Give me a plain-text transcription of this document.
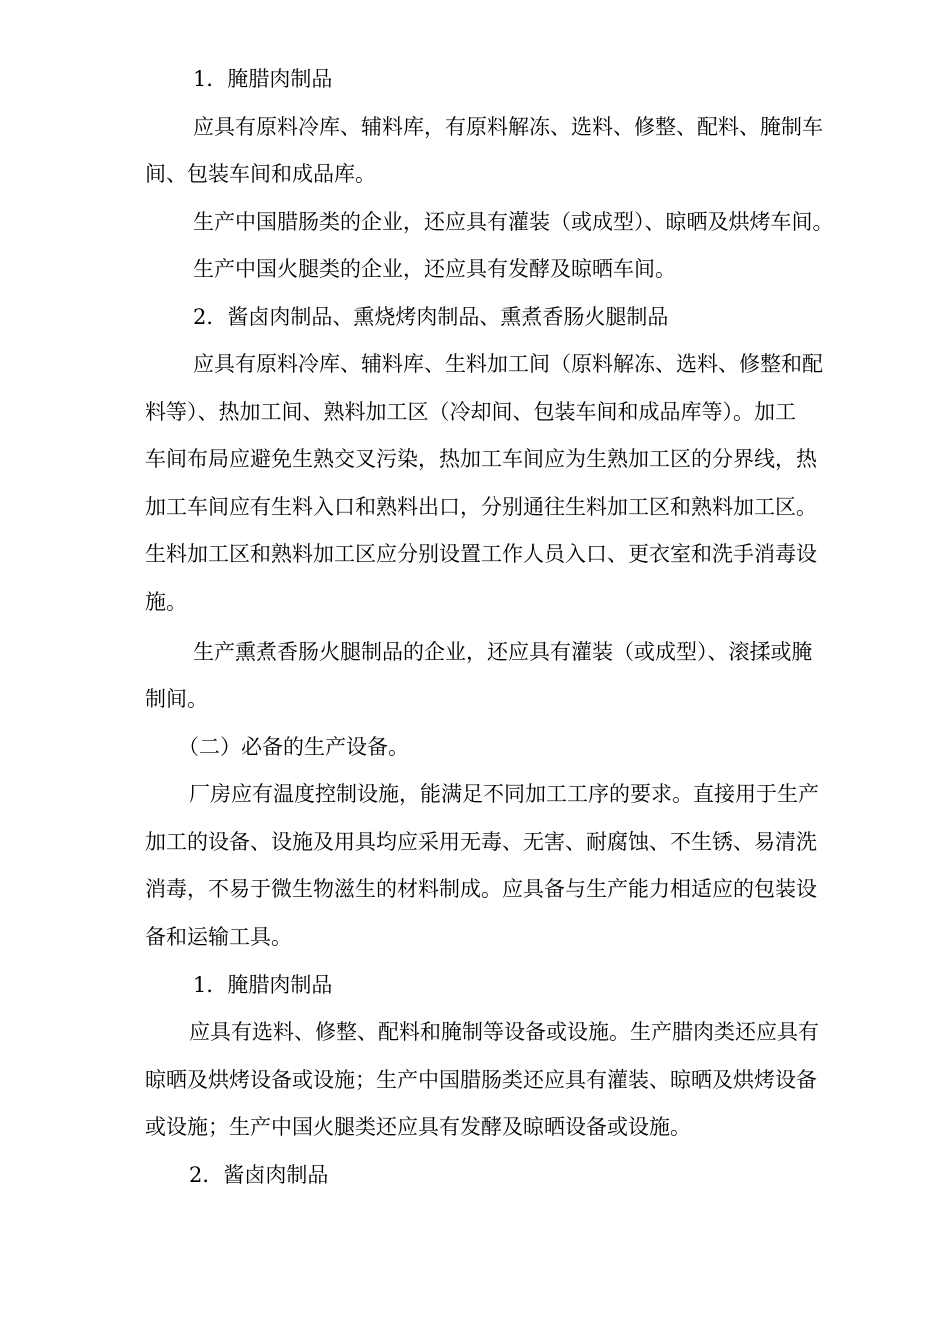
1．腌腊肉制品

应具有原料冷库、辅料库，有原料解冻、选料、修整、配料、腌制车

间、包装车间和成品库。

生产中国腊肠类的企业，还应具有灌装（或成型）、晾晒及烘烤车间。

生产中国火腿类的企业，还应具有发酵及晾晒车间。

2．酱卤肉制品、熏烧烤肉制品、熏煮香肠火腿制品

应具有原料冷库、辅料库、生料加工间（原料解冻、选料、修整和配

料等）、热加工间、熟料加工区（冷却间、包装车间和成品库等）。加工

车间布局应避免生熟交叉污染，热加工车间应为生熟加工区的分界线，热

加工车间应有生料入口和熟料出口，分别通往生料加工区和熟料加工区。

生料加工区和熟料加工区应分别设置工作人员入口、更衣室和洗手消毒设

施。

生产熏煮香肠火腿制品的企业，还应具有灌装（或成型）、滚揉或腌

制间。

（二）必备的生产设备。

厂房应有温度控制设施，能满足不同加工工序的要求。直接用于生产

加工的设备、设施及用具均应采用无毒、无害、耐腐蚀、不生锈、易清洗

消毒，不易于微生物滋生的材料制成。应具备与生产能力相适应的包装设

备和运输工具。

1．腌腊肉制品

应具有选料、修整、配料和腌制等设备或设施。生产腊肉类还应具有

晾晒及烘烤设备或设施；生产中国腊肠类还应具有灌装、晾晒及烘烤设备

或设施；生产中国火腿类还应具有发酵及晾晒设备或设施。

2．酱卤肉制品
